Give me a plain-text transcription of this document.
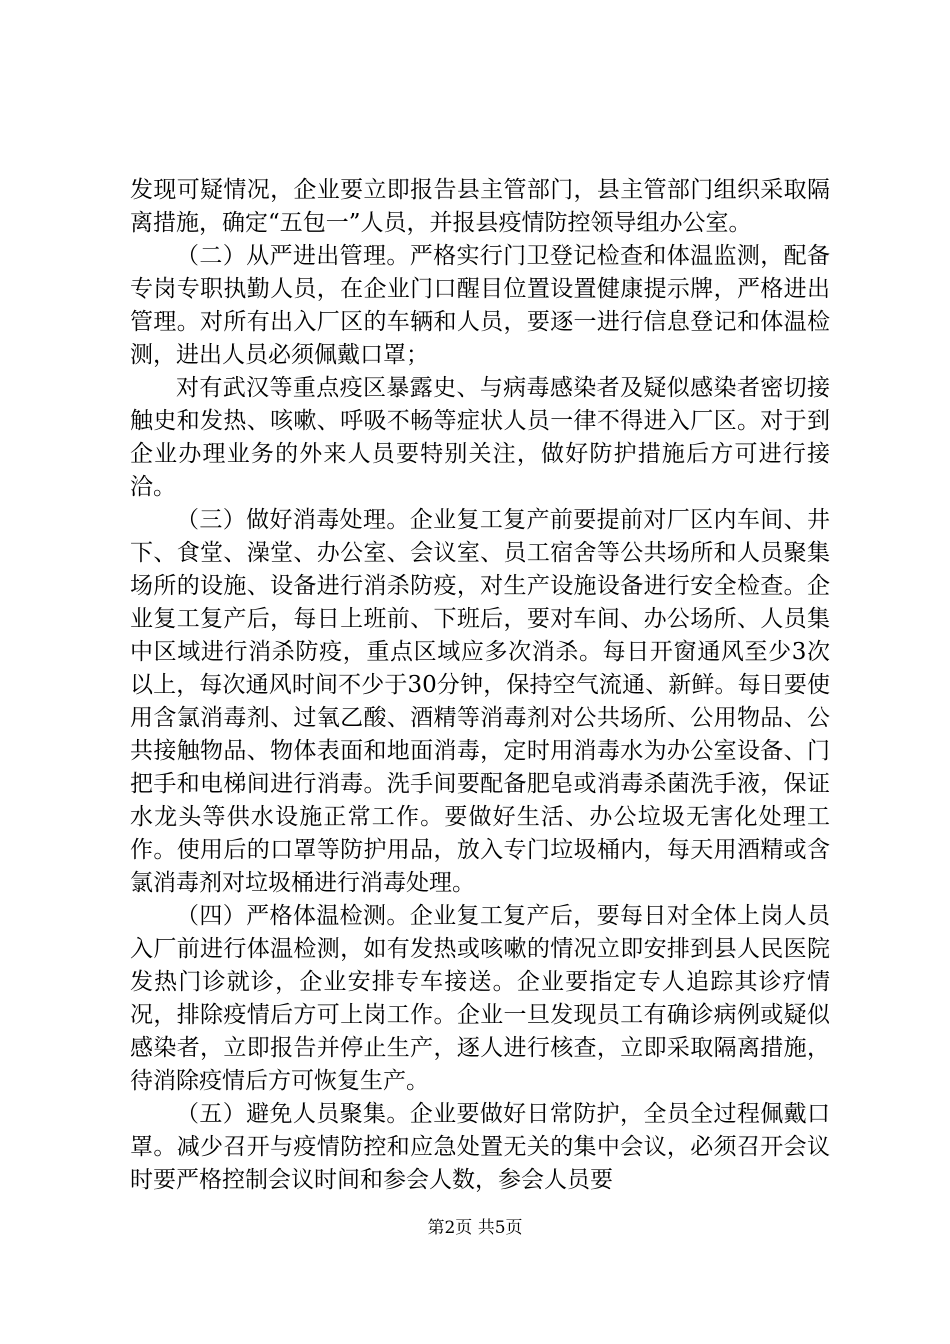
发现可疑情况，企业要立即报告县主管部门，县主管部门组织采取隔离措施，确定“五包一”人员，并报县疫情防控领导组办公室。

（二）从严进出管理。严格实行门卫登记检查和体温监测，配备专岗专职执勤人员，在企业门口醒目位置设置健康提示牌，严格进出管理。对所有出入厂区的车辆和人员，要逐一进行信息登记和体温检测，进出人员必须佩戴口罩；

对有武汉等重点疫区暴露史、与病毒感染者及疑似感染者密切接触史和发热、咳嗽、呼吸不畅等症状人员一律不得进入厂区。对于到企业办理业务的外来人员要特别关注，做好防护措施后方可进行接洽。

（三）做好消毒处理。企业复工复产前要提前对厂区内车间、井下、食堂、澡堂、办公室、会议室、员工宿舍等公共场所和人员聚集场所的设施、设备进行消杀防疫，对生产设施设备进行安全检查。企业复工复产后，每日上班前、下班后，要对车间、办公场所、人员集中区域进行消杀防疫，重点区域应多次消杀。每日开窗通风至少3次以上，每次通风时间不少于30分钟，保持空气流通、新鲜。每日要使用含氯消毒剂、过氧乙酸、酒精等消毒剂对公共场所、公用物品、公共接触物品、物体表面和地面消毒，定时用消毒水为办公室设备、门把手和电梯间进行消毒。洗手间要配备肥皂或消毒杀菌洗手液，保证水龙头等供水设施正常工作。要做好生活、办公垃圾无害化处理工作。使用后的口罩等防护用品，放入专门垃圾桶内，每天用酒精或含氯消毒剂对垃圾桶进行消毒处理。

（四）严格体温检测。企业复工复产后，要每日对全体上岗人员入厂前进行体温检测，如有发热或咳嗽的情况立即安排到县人民医院发热门诊就诊，企业安排专车接送。企业要指定专人追踪其诊疗情况，排除疫情后方可上岗工作。企业一旦发现员工有确诊病例或疑似感染者，立即报告并停止生产，逐人进行核查，立即采取隔离措施，待消除疫情后方可恢复生产。

（五）避免人员聚集。企业要做好日常防护，全员全过程佩戴口罩。减少召开与疫情防控和应急处置无关的集中会议，必须召开会议时要严格控制会议时间和参会人数，参会人员要

第2页 共5页
